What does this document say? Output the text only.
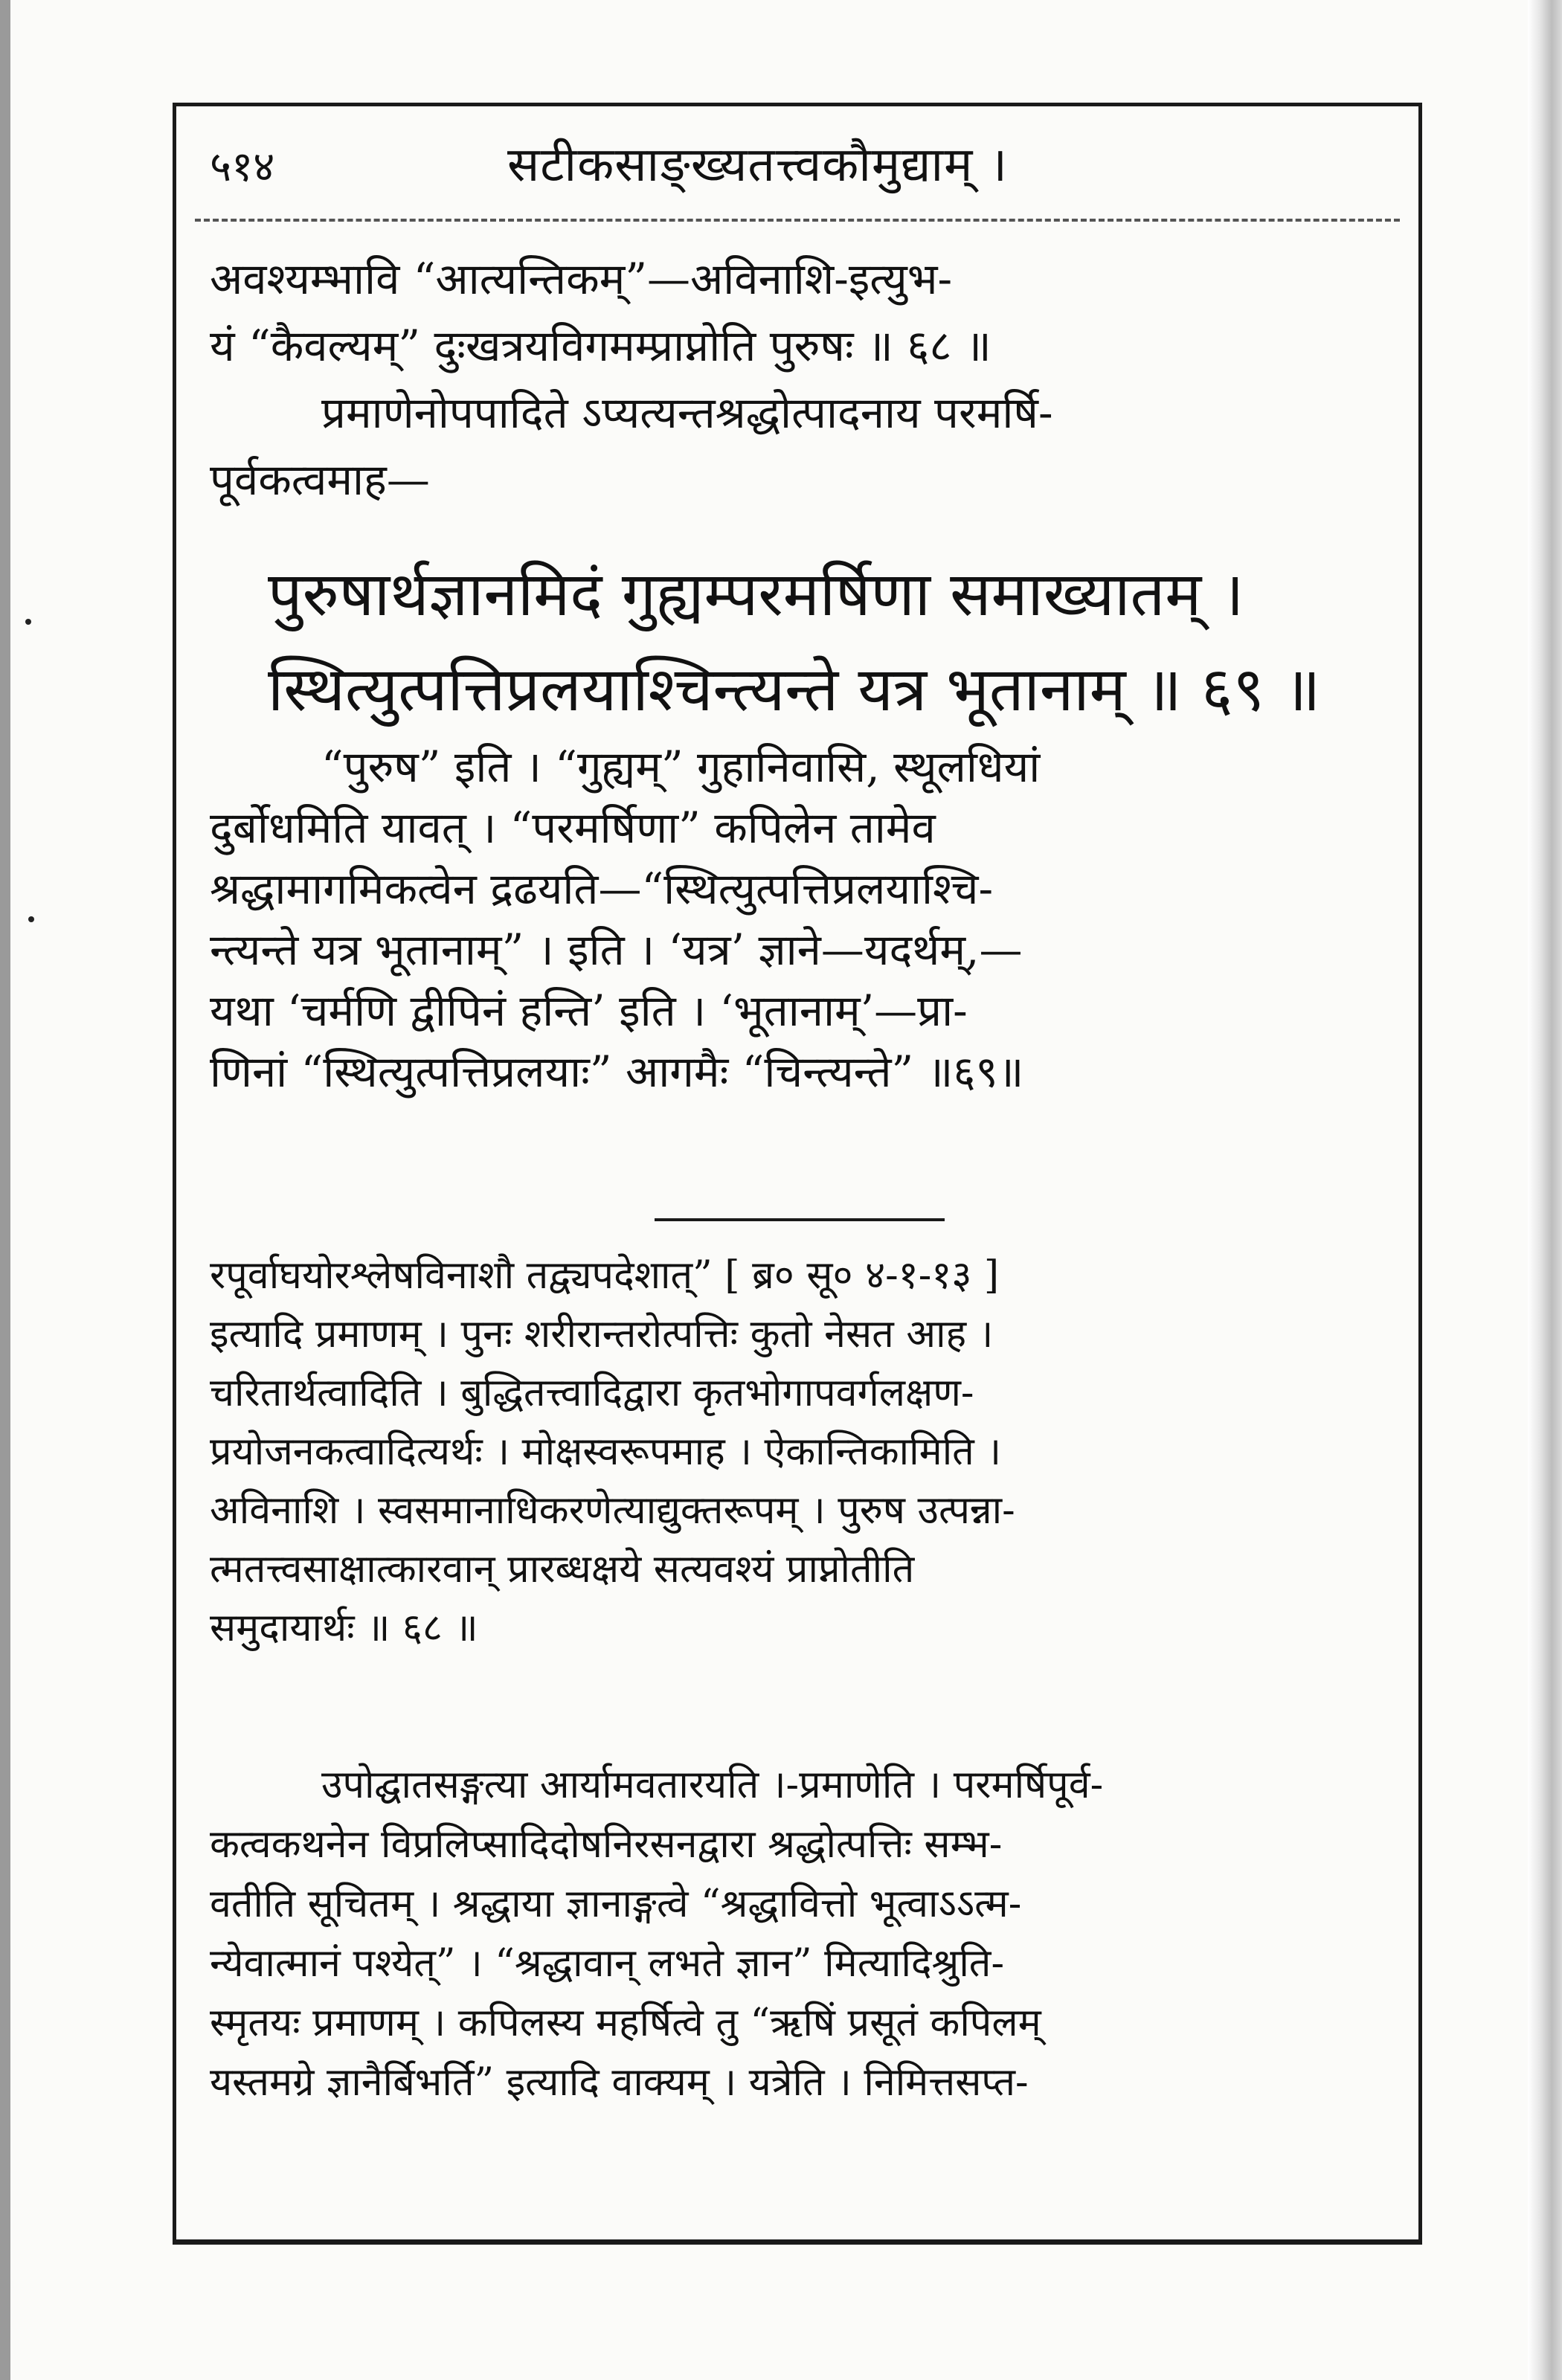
५१४	सटीकसाङ्ख्यतत्त्वकौमुद्याम् ।
अवश्यम्भावि “आत्यन्तिकम्”—अविनाशि-इत्युभ-
यं “कैवल्यम्” दुःखत्रयविगमम्प्राप्नोति पुरुषः ॥ ६८ ॥
प्रमाणेनोपपादिते ऽप्यत्यन्तश्रद्धोत्पादनाय परमर्षि-
पूर्वकत्वमाह—
पुरुषार्थज्ञानमिदं गुह्यम्परमर्षिणा समाख्यातम् ।
स्थित्युत्पत्तिप्रलयाश्चिन्त्यन्ते यत्र भूतानाम् ॥ ६९ ॥
“पुरुष” इति । “गुह्यम्” गुहानिवासि, स्थूलधियां
दुर्बोधमिति यावत् । “परमर्षिणा” कपिलेन तामेव
श्रद्धामागमिकत्वेन द्रढयति—“स्थित्युत्पत्तिप्रलयाश्चि-
न्त्यन्ते यत्र भूतानाम्” । इति । ‘यत्र’ ज्ञाने—यदर्थम्,—
यथा ‘चर्मणि द्वीपिनं हन्ति’ इति । ‘भूतानाम्’—प्रा-
णिनां “स्थित्युत्पत्तिप्रलयाः” आगमैः “चिन्त्यन्ते” ॥६९॥
रपूर्वाघयोरश्लेषविनाशौ तद्व्यपदेशात्” [ ब्र० सू० ४-१-१३ ]
इत्यादि प्रमाणम् । पुनः शरीरान्तरोत्पत्तिः कुतो नेसत आह ।
चरितार्थत्वादिति । बुद्धितत्त्वादिद्वारा कृतभोगापवर्गलक्षण-
प्रयोजनकत्वादित्यर्थः । मोक्षस्वरूपमाह । ऐकान्तिकामिति ।
अविनाशि । स्वसमानाधिकरणेत्याद्युक्तरूपम् । पुरुष उत्पन्ना-
त्मतत्त्वसाक्षात्कारवान् प्रारब्धक्षये सत्यवश्यं प्राप्नोतीति
समुदायार्थः ॥ ६८ ॥
उपोद्घातसङ्गत्या आर्यामवतारयति ।-प्रमाणेति । परमर्षिपूर्व-
कत्वकथनेन विप्रलिप्सादिदोषनिरसनद्वारा श्रद्धोत्पत्तिः सम्भ-
वतीति सूचितम् । श्रद्धाया ज्ञानाङ्गत्वे “श्रद्धावित्तो भूत्वाऽऽत्म-
न्येवात्मानं पश्येत्” । “श्रद्धावान् लभते ज्ञान” मित्यादिश्रुति-
स्मृतयः प्रमाणम् । कपिलस्य महर्षित्वे तु “ऋषिं प्रसूतं कपिलम्
यस्तमग्रे ज्ञानैर्बिभर्ति” इत्यादि वाक्यम् । यत्रेति । निमित्तसप्त-
